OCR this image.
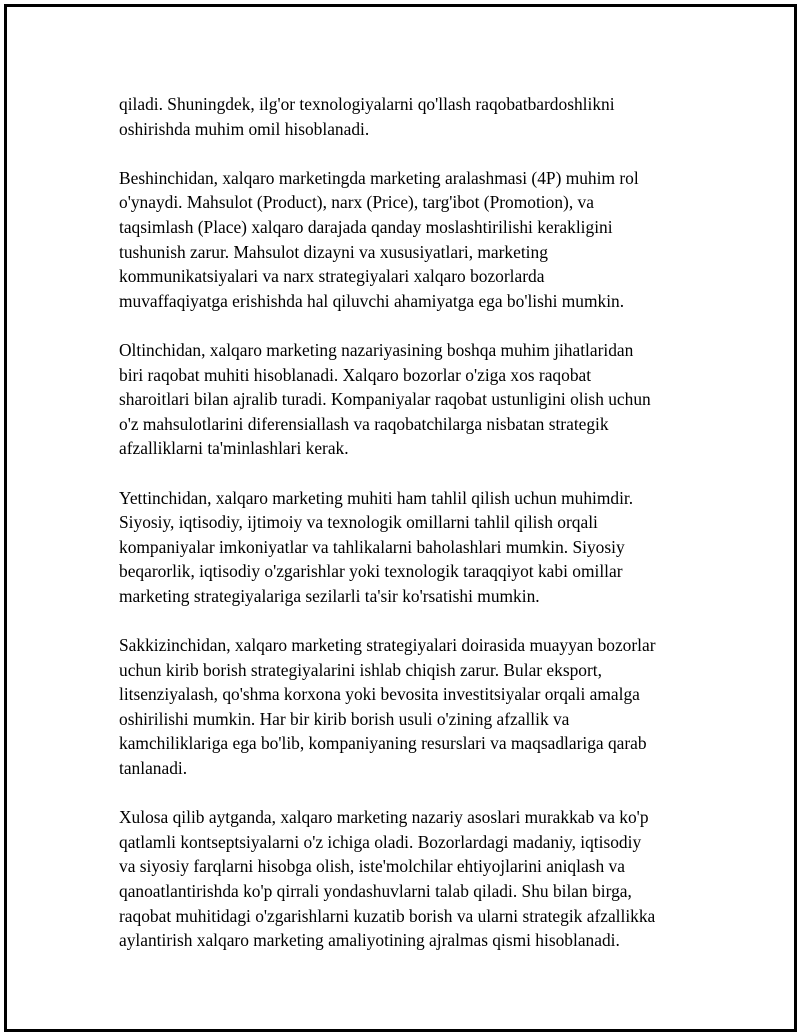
qiladi. Shuningdek, ilg'or texnologiyalarni qo'llash raqobatbardoshlikni
oshirishda muhim omil hisoblanadi.

Beshinchidan, xalqaro marketingda marketing aralashmasi (4P) muhim rol
o'ynaydi. Mahsulot (Product), narx (Price), targ'ibot (Promotion), va
taqsimlash (Place) xalqaro darajada qanday moslashtirilishi kerakligini
tushunish zarur. Mahsulot dizayni va xususiyatlari, marketing
kommunikatsiyalari va narx strategiyalari xalqaro bozorlarda
muvaffaqiyatga erishishda hal qiluvchi ahamiyatga ega bo'lishi mumkin.

Oltinchidan, xalqaro marketing nazariyasining boshqa muhim jihatlaridan
biri raqobat muhiti hisoblanadi. Xalqaro bozorlar o'ziga xos raqobat
sharoitlari bilan ajralib turadi. Kompaniyalar raqobat ustunligini olish uchun
o'z mahsulotlarini diferensiallash va raqobatchilarga nisbatan strategik
afzalliklarni ta'minlashlari kerak.

Yettinchidan, xalqaro marketing muhiti ham tahlil qilish uchun muhimdir.
Siyosiy, iqtisodiy, ijtimoiy va texnologik omillarni tahlil qilish orqali
kompaniyalar imkoniyatlar va tahlikalarni baholashlari mumkin. Siyosiy
beqarorlik, iqtisodiy o'zgarishlar yoki texnologik taraqqiyot kabi omillar
marketing strategiyalariga sezilarli ta'sir ko'rsatishi mumkin.

Sakkizinchidan, xalqaro marketing strategiyalari doirasida muayyan bozorlar
uchun kirib borish strategiyalarini ishlab chiqish zarur. Bular eksport,
litsenziyalash, qo'shma korxona yoki bevosita investitsiyalar orqali amalga
oshirilishi mumkin. Har bir kirib borish usuli o'zining afzallik va
kamchiliklariga ega bo'lib, kompaniyaning resurslari va maqsadlariga qarab
tanlanadi.

Xulosa qilib aytganda, xalqaro marketing nazariy asoslari murakkab va ko'p
qatlamli kontseptsiyalarni o'z ichiga oladi. Bozorlardagi madaniy, iqtisodiy
va siyosiy farqlarni hisobga olish, iste'molchilar ehtiyojlarini aniqlash va
qanoatlantirishda ko'p qirrali yondashuvlarni talab qiladi. Shu bilan birga,
raqobat muhitidagi o'zgarishlarni kuzatib borish va ularni strategik afzallikka
aylantirish xalqaro marketing amaliyotining ajralmas qismi hisoblanadi.
